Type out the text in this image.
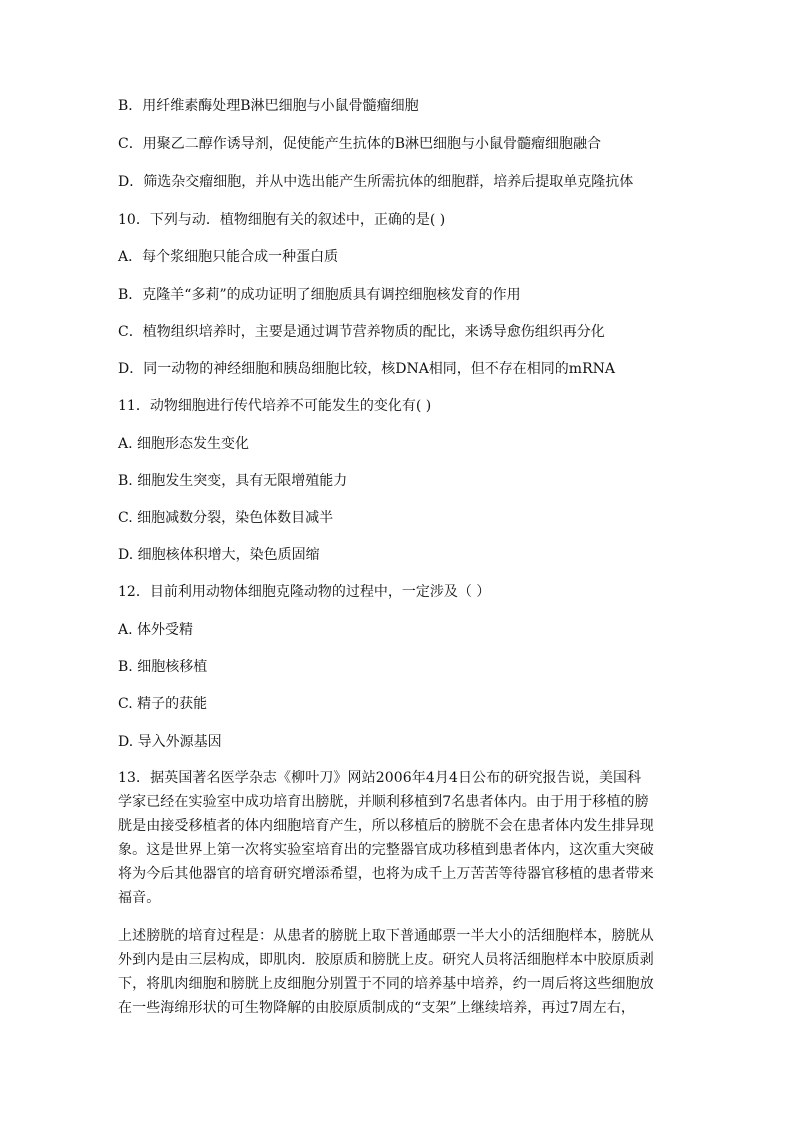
B．用纤维素酶处理B淋巴细胞与小鼠骨髓瘤细胞
C．用聚乙二醇作诱导剂，促使能产生抗体的B淋巴细胞与小鼠骨髓瘤细胞融合
D．筛选杂交瘤细胞，并从中选出能产生所需抗体的细胞群，培养后提取单克隆抗体
10．下列与动．植物细胞有关的叙述中，正确的是( )
A．每个浆细胞只能合成一种蛋白质
B．克隆羊“多莉”的成功证明了细胞质具有调控细胞核发育的作用
C．植物组织培养时，主要是通过调节营养物质的配比，来诱导愈伤组织再分化
D．同一动物的神经细胞和胰岛细胞比较，核DNA相同，但不存在相同的mRNA
11．动物细胞进行传代培养不可能发生的变化有( )
A. 细胞形态发生变化
B. 细胞发生突变，具有无限增殖能力
C. 细胞减数分裂，染色体数目减半
D. 细胞核体积增大，染色质固缩
12．目前利用动物体细胞克隆动物的过程中，一定涉及（ ）
A. 体外受精
B. 细胞核移植
C. 精子的获能
D. 导入外源基因
13．据英国著名医学杂志《柳叶刀》网站2006年4月4日公布的研究报告说，美国科
学家已经在实验室中成功培育出膀胱，并顺利移植到7名患者体内。由于用于移植的膀
胱是由接受移植者的体内细胞培育产生，所以移植后的膀胱不会在患者体内发生排异现
象。这是世界上第一次将实验室培育出的完整器官成功移植到患者体内，这次重大突破
将为今后其他器官的培育研究增添希望，也将为成千上万苦苦等待器官移植的患者带来
福音。
上述膀胱的培育过程是：从患者的膀胱上取下普通邮票一半大小的活细胞样本，膀胱从
外到内是由三层构成，即肌肉．胶原质和膀胱上皮。研究人员将活细胞样本中胶原质剥
下，将肌肉细胞和膀胱上皮细胞分别置于不同的培养基中培养，约一周后将这些细胞放
在一些海绵形状的可生物降解的由胶原质制成的“支架”上继续培养，再过7周左右，
